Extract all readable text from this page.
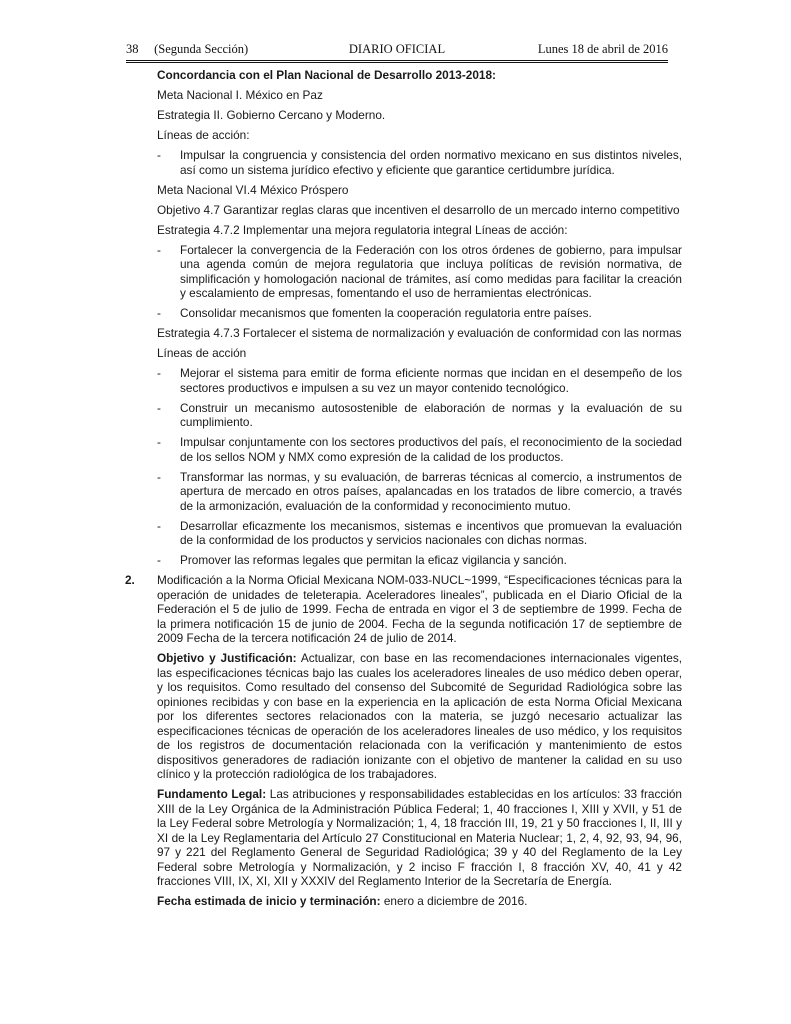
38     (Segunda Sección)	DIARIO OFICIAL	Lunes 18 de abril de 2016

Concordancia con el Plan Nacional de Desarrollo 2013-2018:

Meta Nacional I. México en Paz

Estrategia II. Gobierno Cercano y Moderno.

Líneas de acción:

- Impulsar la congruencia y consistencia del orden normativo mexicano en sus distintos niveles, así como un sistema jurídico efectivo y eficiente que garantice certidumbre jurídica.

Meta Nacional VI.4 México Próspero

Objetivo 4.7 Garantizar reglas claras que incentiven el desarrollo de un mercado interno competitivo

Estrategia 4.7.2 Implementar una mejora regulatoria integral Líneas de acción:

- Fortalecer la convergencia de la Federación con los otros órdenes de gobierno, para impulsar una agenda común de mejora regulatoria que incluya políticas de revisión normativa, de simplificación y homologación nacional de trámites, así como medidas para facilitar la creación y escalamiento de empresas, fomentando el uso de herramientas electrónicas.
- Consolidar mecanismos que fomenten la cooperación regulatoria entre países.

Estrategia 4.7.3 Fortalecer el sistema de normalización y evaluación de conformidad con las normas

Líneas de acción

- Mejorar el sistema para emitir de forma eficiente normas que incidan en el desempeño de los sectores productivos e impulsen a su vez un mayor contenido tecnológico.
- Construir un mecanismo autosostenible de elaboración de normas y la evaluación de su cumplimiento.
- Impulsar conjuntamente con los sectores productivos del país, el reconocimiento de la sociedad de los sellos NOM y NMX como expresión de la calidad de los productos.
- Transformar las normas, y su evaluación, de barreras técnicas al comercio, a instrumentos de apertura de mercado en otros países, apalancadas en los tratados de libre comercio, a través de la armonización, evaluación de la conformidad y reconocimiento mutuo.
- Desarrollar eficazmente los mecanismos, sistemas e incentivos que promuevan la evaluación de la conformidad de los productos y servicios nacionales con dichas normas.
- Promover las reformas legales que permitan la eficaz vigilancia y sanción.
2. Modificación a la Norma Oficial Mexicana NOM-033-NUCL~1999, “Especificaciones técnicas para la operación de unidades de teleterapia. Aceleradores lineales”, publicada en el Diario Oficial de la Federación el 5 de julio de 1999. Fecha de entrada en vigor el 3 de septiembre de 1999. Fecha de la primera notificación 15 de junio de 2004. Fecha de la segunda notificación 17 de septiembre de 2009 Fecha de la tercera notificación 24 de julio de 2014.

Objetivo y Justificación: Actualizar, con base en las recomendaciones internacionales vigentes, las especificaciones técnicas bajo las cuales los aceleradores lineales de uso médico deben operar, y los requisitos. Como resultado del consenso del Subcomité de Seguridad Radiológica sobre las opiniones recibidas y con base en la experiencia en la aplicación de esta Norma Oficial Mexicana por los diferentes sectores relacionados con la materia, se juzgó necesario actualizar las especificaciones técnicas de operación de los aceleradores lineales de uso médico, y los requisitos de los registros de documentación relacionada con la verificación y mantenimiento de estos dispositivos generadores de radiación ionizante con el objetivo de mantener la calidad en su uso clínico y la protección radiológica de los trabajadores.

Fundamento Legal: Las atribuciones y responsabilidades establecidas en los artículos: 33 fracción XIII de la Ley Orgánica de la Administración Pública Federal; 1, 40 fracciones I, XIII y XVII, y 51 de la Ley Federal sobre Metrología y Normalización; 1, 4, 18 fracción III, 19, 21 y 50 fracciones I, II, III y XI de la Ley Reglamentaria del Artículo 27 Constitucional en Materia Nuclear; 1, 2, 4, 92, 93, 94, 96, 97 y 221 del Reglamento General de Seguridad Radiológica; 39 y 40 del Reglamento de la Ley Federal sobre Metrología y Normalización, y 2 inciso F fracción I, 8 fracción XV, 40, 41 y 42 fracciones VIII, IX, XI, XII y XXXIV del Reglamento Interior de la Secretaría de Energía.

Fecha estimada de inicio y terminación: enero a diciembre de 2016.
